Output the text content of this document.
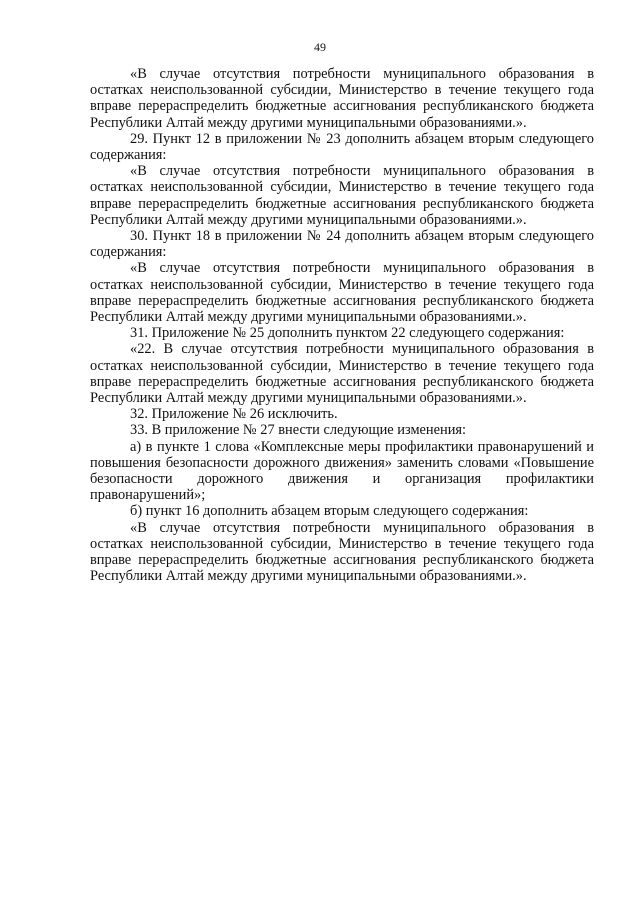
49

«В случае отсутствия потребности муниципального образования в остатках неиспользованной субсидии, Министерство в течение текущего года вправе перераспределить бюджетные ассигнования республиканского бюджета Республики Алтай между другими муниципальными образованиями.».

29. Пункт 12 в приложении № 23 дополнить абзацем вторым следующего содержания:

«В случае отсутствия потребности муниципального образования в остатках неиспользованной субсидии, Министерство в течение текущего года вправе перераспределить бюджетные ассигнования республиканского бюджета Республики Алтай между другими муниципальными образованиями.».

30. Пункт 18 в приложении № 24 дополнить абзацем вторым следующего содержания:

«В случае отсутствия потребности муниципального образования в остатках неиспользованной субсидии, Министерство в течение текущего года вправе перераспределить бюджетные ассигнования республиканского бюджета Республики Алтай между другими муниципальными образованиями.».

31. Приложение № 25 дополнить пунктом 22 следующего содержания:

«22. В случае отсутствия потребности муниципального образования в остатках неиспользованной субсидии, Министерство в течение текущего года вправе перераспределить бюджетные ассигнования республиканского бюджета Республики Алтай между другими муниципальными образованиями.».

32. Приложение № 26 исключить.

33. В приложение № 27 внести следующие изменения:

а) в пункте 1 слова «Комплексные меры профилактики правонарушений и повышения безопасности дорожного движения» заменить словами «Повышение безопасности дорожного движения и организация профилактики правонарушений»;

б) пункт 16 дополнить абзацем вторым следующего содержания:

«В случае отсутствия потребности муниципального образования в остатках неиспользованной субсидии, Министерство в течение текущего года вправе перераспределить бюджетные ассигнования республиканского бюджета Республики Алтай между другими муниципальными образованиями.».
